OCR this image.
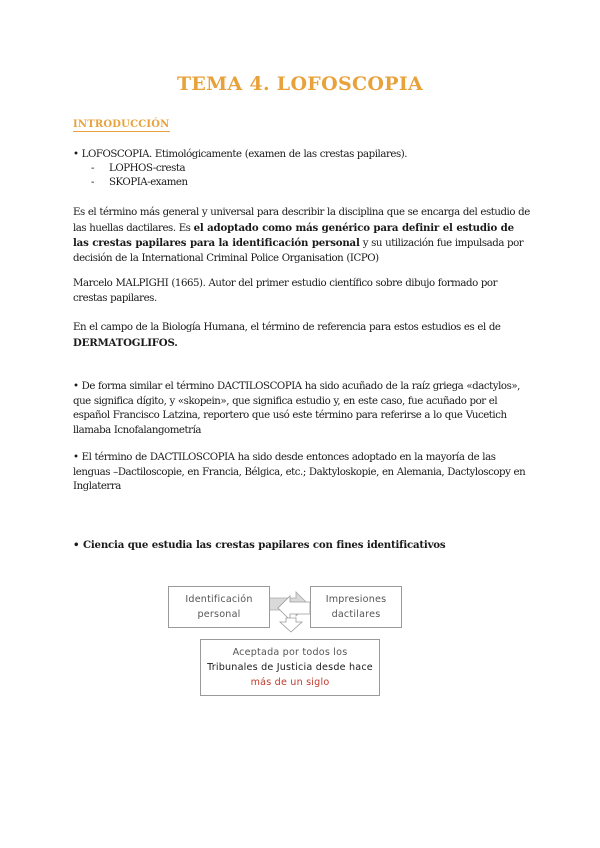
TEMA 4. LOFOSCOPIA
INTRODUCCIÓN
• LOFOSCOPIA. Etimológicamente (examen de las crestas papilares).
- LOPHOS-cresta
- SKOPIA-examen
Es el término más general y universal para describir la disciplina que se encarga del estudio de las huellas dactilares. Es el adoptado como más genérico para definir el estudio de las crestas papilares para la identificación personal y su utilización fue impulsada por decisión de la International Criminal Police Organisation (ICPO)
Marcelo MALPIGHI (1665). Autor del primer estudio científico sobre dibujo formado por crestas papilares.
En el campo de la Biología Humana, el término de referencia para estos estudios es el de DERMATOGLIFOS.
• De forma similar el término DACTILOSCOPIA ha sido acuñado de la raíz griega «dactylos», que significa dígito, y «skopein», que significa estudio y, en este caso, fue acuñado por el español Francisco Latzina, reportero que usó este término para referirse a lo que Vucetich llamaba Icnofalangometría
• El término de DACTILOSCOPIA ha sido desde entonces adoptado en la mayoría de las lenguas –Dactiloscopie, en Francia, Bélgica, etc.; Daktyloskopie, en Alemania, Dactyloscopy en Inglaterra
• Ciencia que estudia las crestas papilares con fines identificativos
Identificación
personal
Impresiones
dactilares
Aceptada por todos los
Tribunales de Justicia desde hace
más de un siglo
